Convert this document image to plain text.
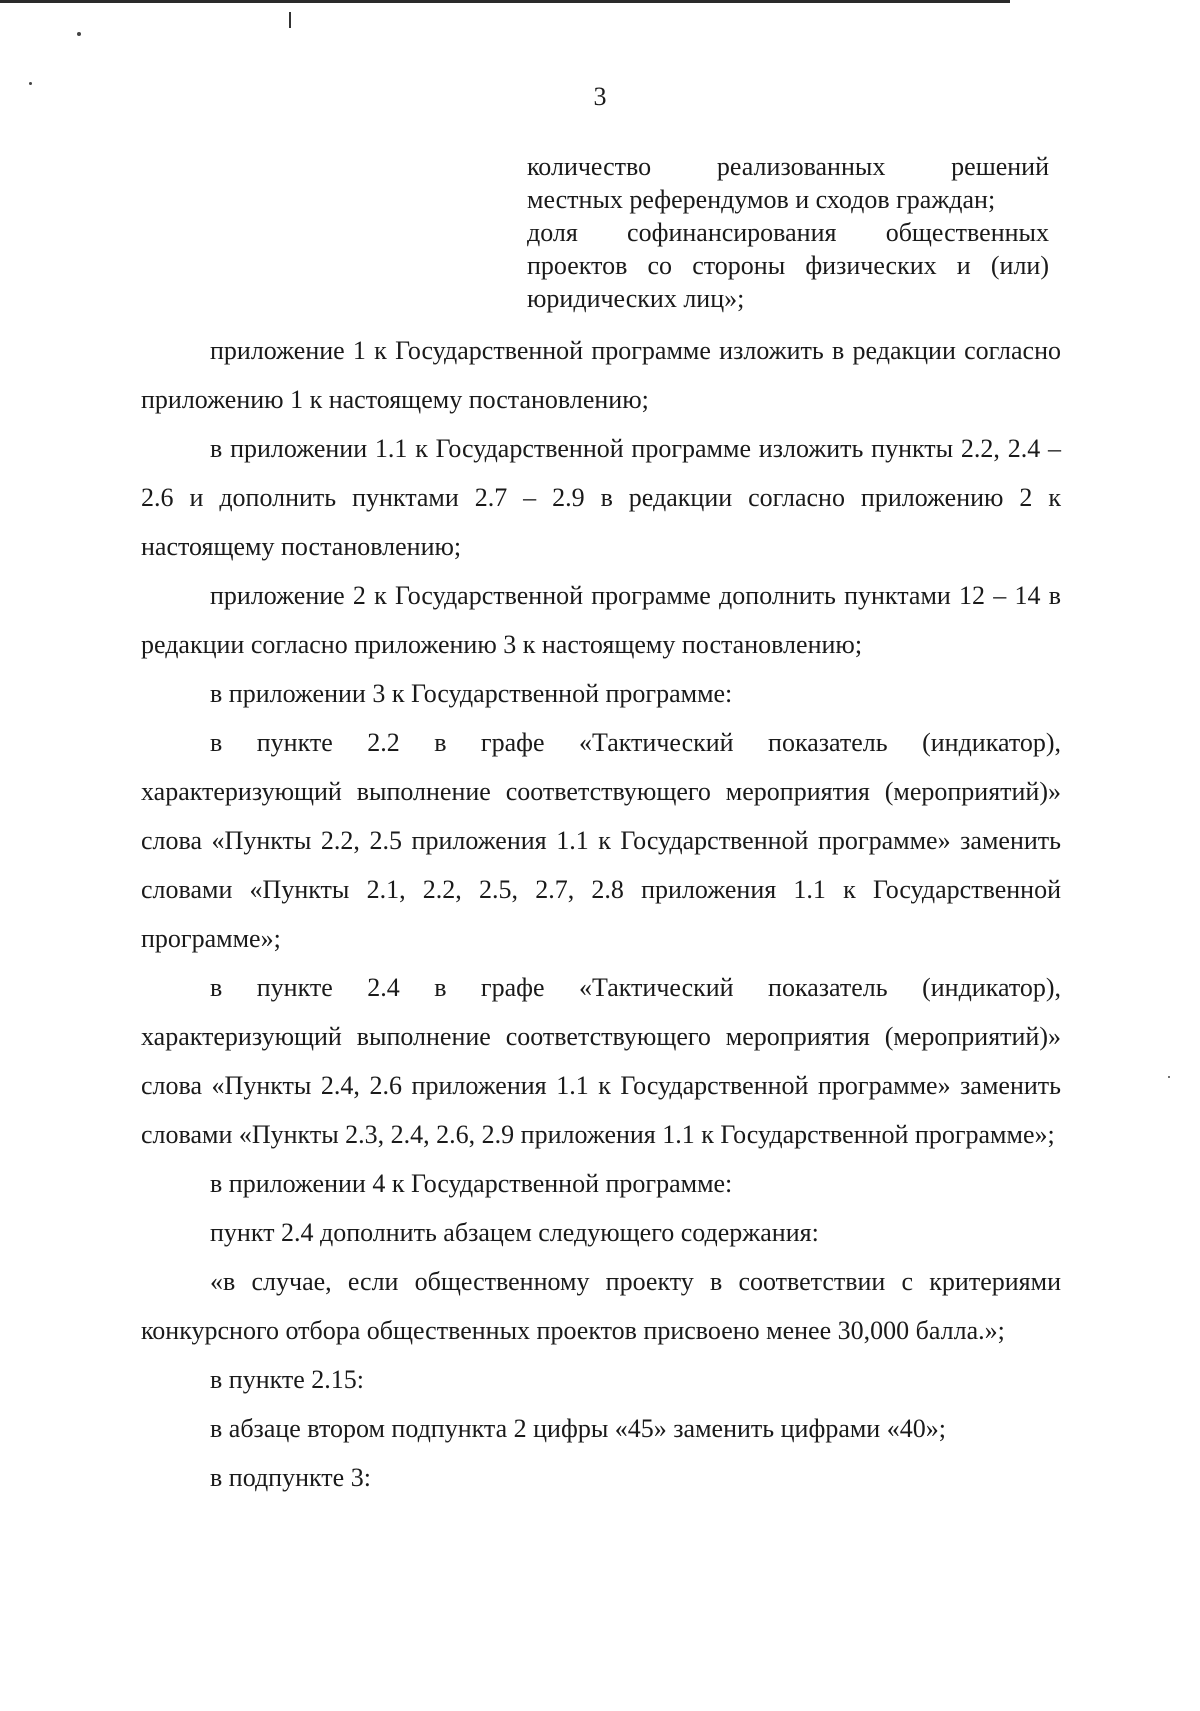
3
количество реализованных решений
местных референдумов и сходов граждан;
доля софинансирования общественных
проектов со стороны физических и (или)
юридических лиц»;

приложение 1 к Государственной программе изложить в редакции согласно приложению 1 к настоящему постановлению;

в приложении 1.1 к Государственной программе изложить пункты 2.2, 2.4 – 2.6 и дополнить пунктами 2.7 – 2.9 в редакции согласно приложению 2 к настоящему постановлению;

приложение 2 к Государственной программе дополнить пунктами 12 – 14 в редакции согласно приложению 3 к настоящему постановлению;

в приложении 3 к Государственной программе:

в пункте 2.2 в графе «Тактический показатель (индикатор), характеризующий выполнение соответствующего мероприятия (мероприятий)» слова «Пункты 2.2, 2.5 приложения 1.1 к Государственной программе» заменить словами «Пункты 2.1, 2.2, 2.5, 2.7, 2.8 приложения 1.1 к Государственной программе»;

в пункте 2.4 в графе «Тактический показатель (индикатор), характеризующий выполнение соответствующего мероприятия (мероприятий)» слова «Пункты 2.4, 2.6 приложения 1.1 к Государственной программе» заменить словами «Пункты 2.3, 2.4, 2.6, 2.9 приложения 1.1 к Государственной программе»;

в приложении 4 к Государственной программе:

пункт 2.4 дополнить абзацем следующего содержания:

«в случае, если общественному проекту в соответствии с критериями конкурсного отбора общественных проектов присвоено менее 30,000 балла.»;

в пункте 2.15:

в абзаце втором подпункта 2 цифры «45» заменить цифрами «40»;

в подпункте 3:
